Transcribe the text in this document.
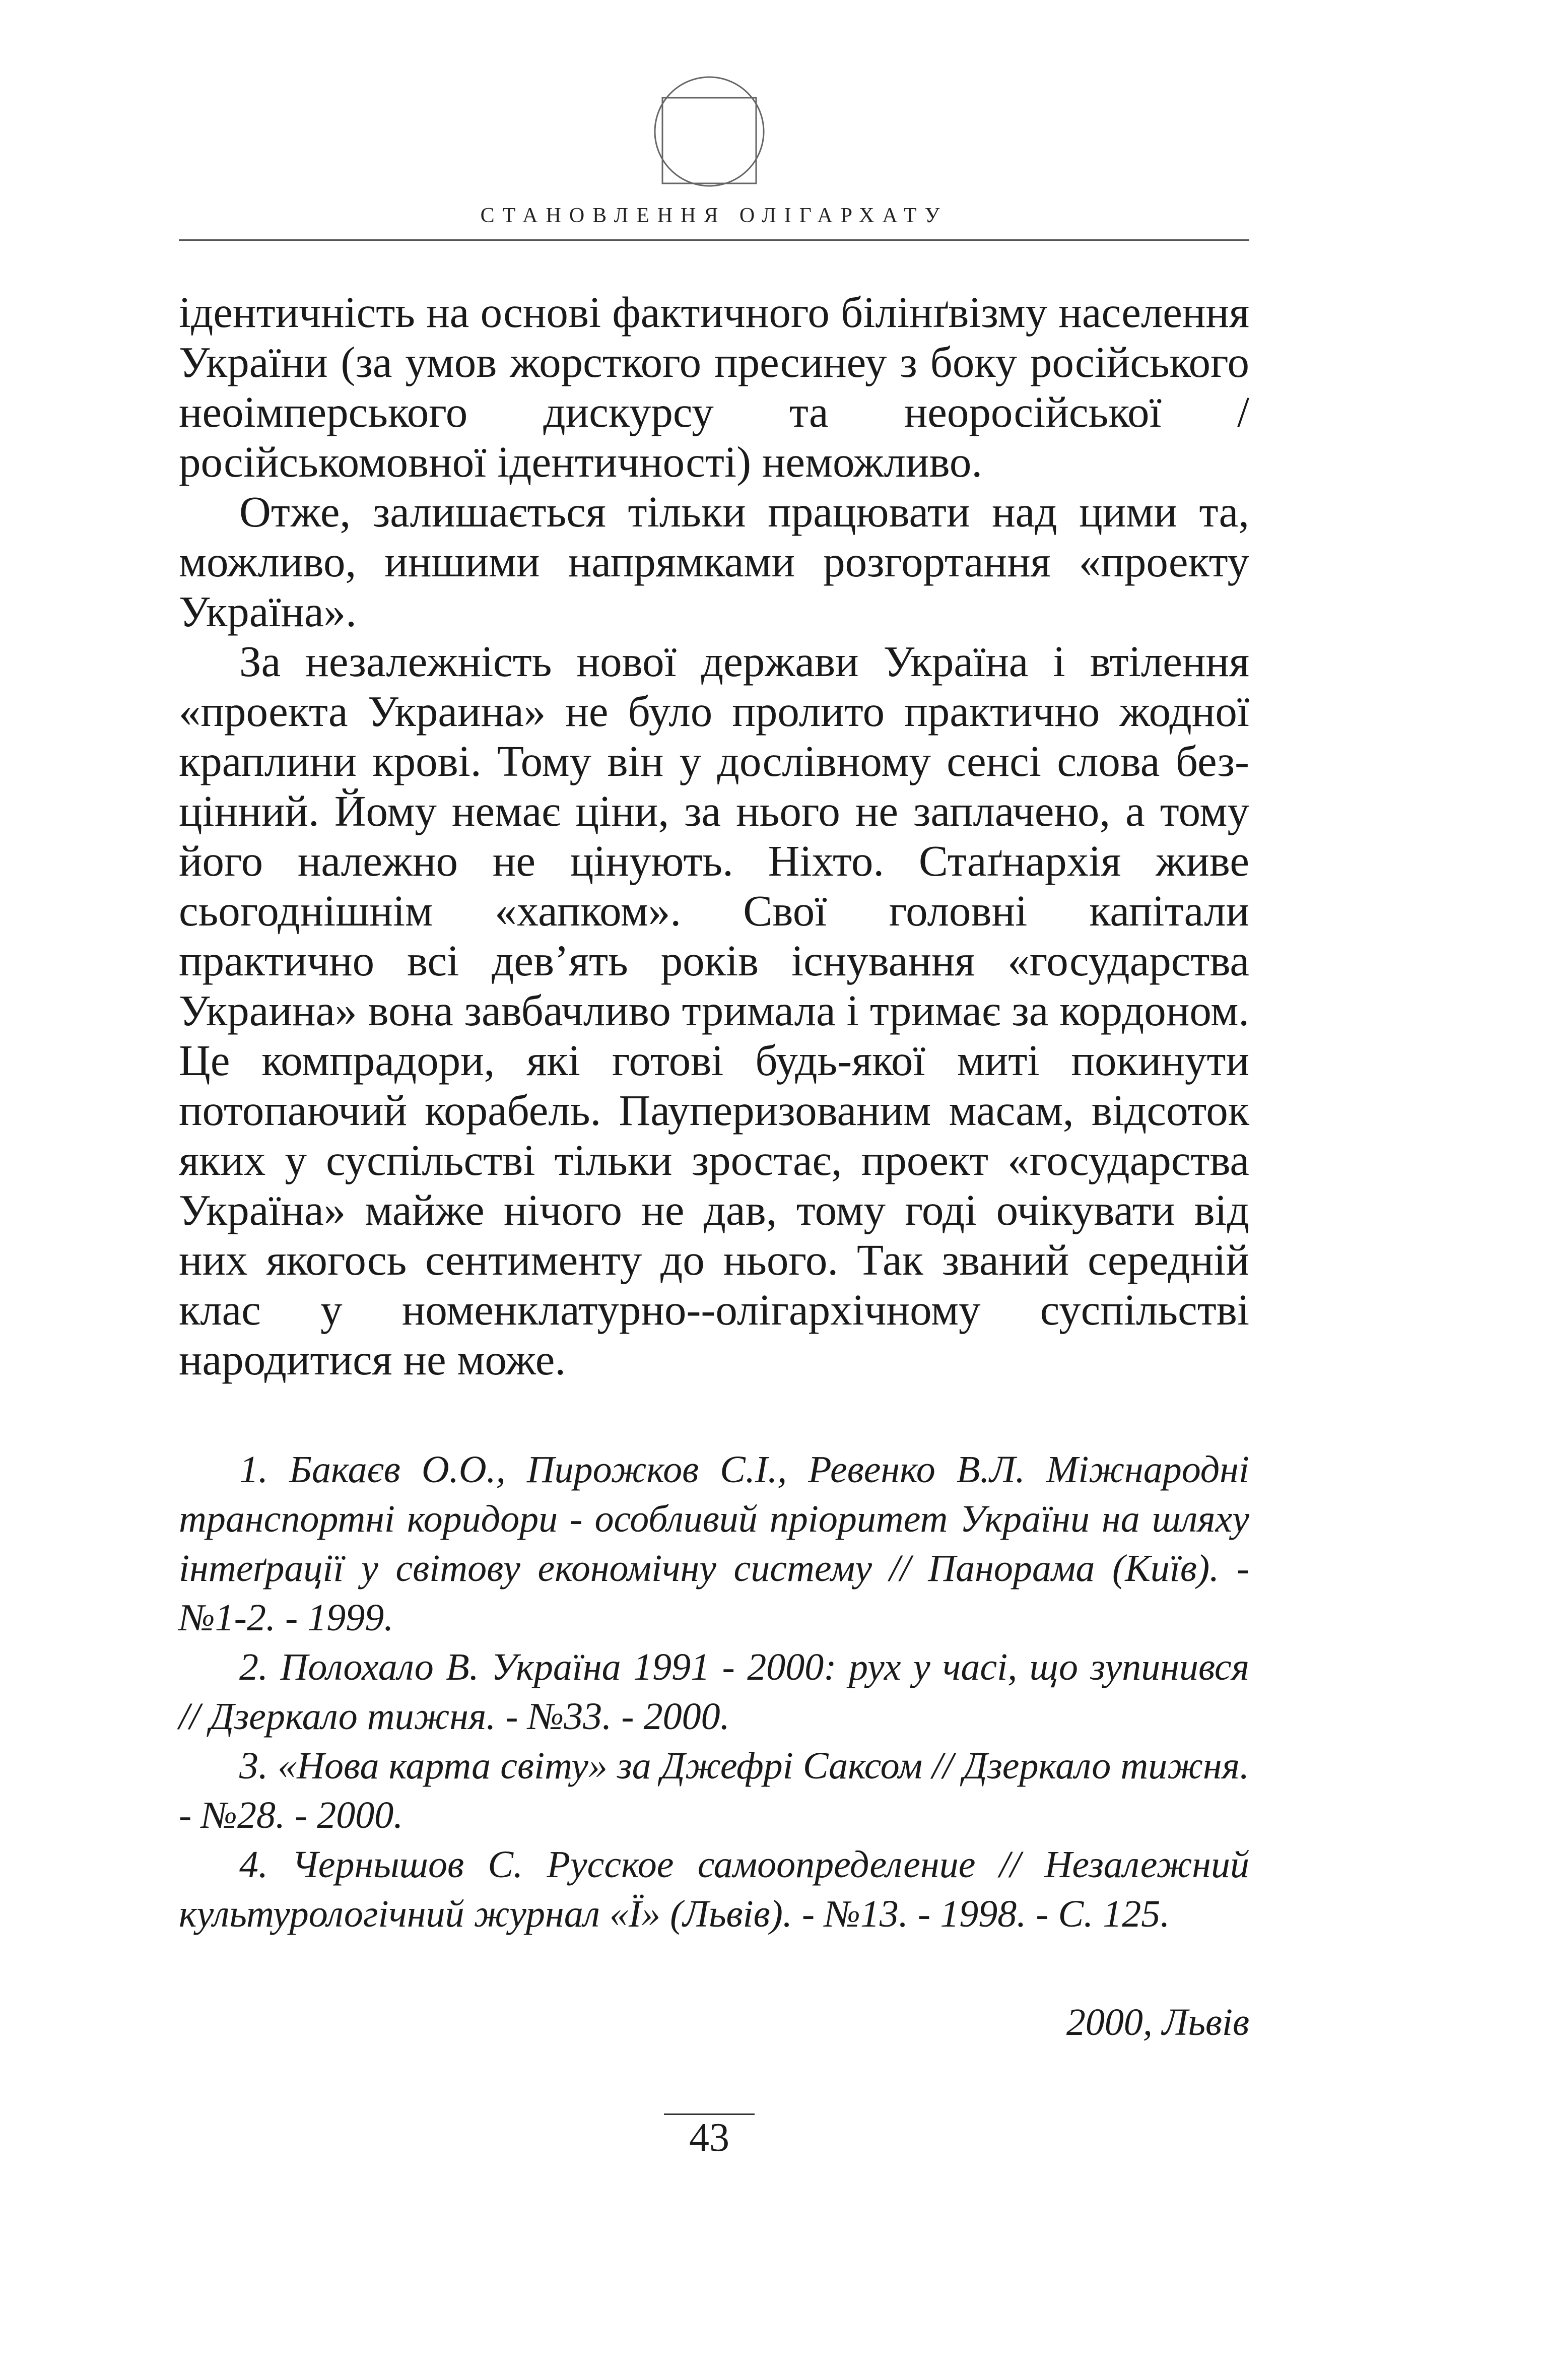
СТАНОВЛЕННЯ ОЛІГАРХАТУ

ідентичність на основі фактичного білінґвізму населення України (за умов жорсткого пресинеу з боку російського неоімперського дискурсу та неоросійської / російськомовної ідентичності) неможливо.

Отже, залишається тільки працювати над цими та, можливо, иншими напрямками розгортання «проекту Україна».

За незалежність нової держави Україна і втілення «проекта Украина» не було пролито практично жодної краплини крові. Тому він у дослівному сенсі слова без-цінний. Йому немає ціни, за нього не заплачено, а тому його належно не цінують. Ніхто. Стаґнархія живе сьогоднішнім «хапком». Свої головні капітали практично всі дев’ять років існування «государства Украина» вона завбачливо тримала і тримає за кордоном. Це компрадори, які готові будь-якої миті покинути потопаючий корабель. Пауперизованим масам, відсоток яких у суспільстві тільки зростає, проект «государства Україна» майже нічого не дав, тому годі очікувати від них якогось сентименту до нього. Так званий середній клас у номенклатурно--олігархічному суспільстві народитися не може.

1. Бакаєв О.О., Пирожков С.І., Ревенко В.Л. Міжнародні транспортні коридори - особливий пріоритет України на шляху інтеґрації у світову економічну систему // Панорама (Київ). - №1-2. - 1999.

2. Полохало В. Україна 1991 - 2000: рух у часі, що зупинився // Дзеркало тижня. - №33. - 2000.

3. «Нова карта світу» за Джефрі Саксом // Дзеркало тижня. - №28. - 2000.

4. Чернышов С. Русское самоопределение // Незалежний культурологічний журнал «Ї» (Львів). - №13. - 1998. - С. 125.

2000, Львів
43
